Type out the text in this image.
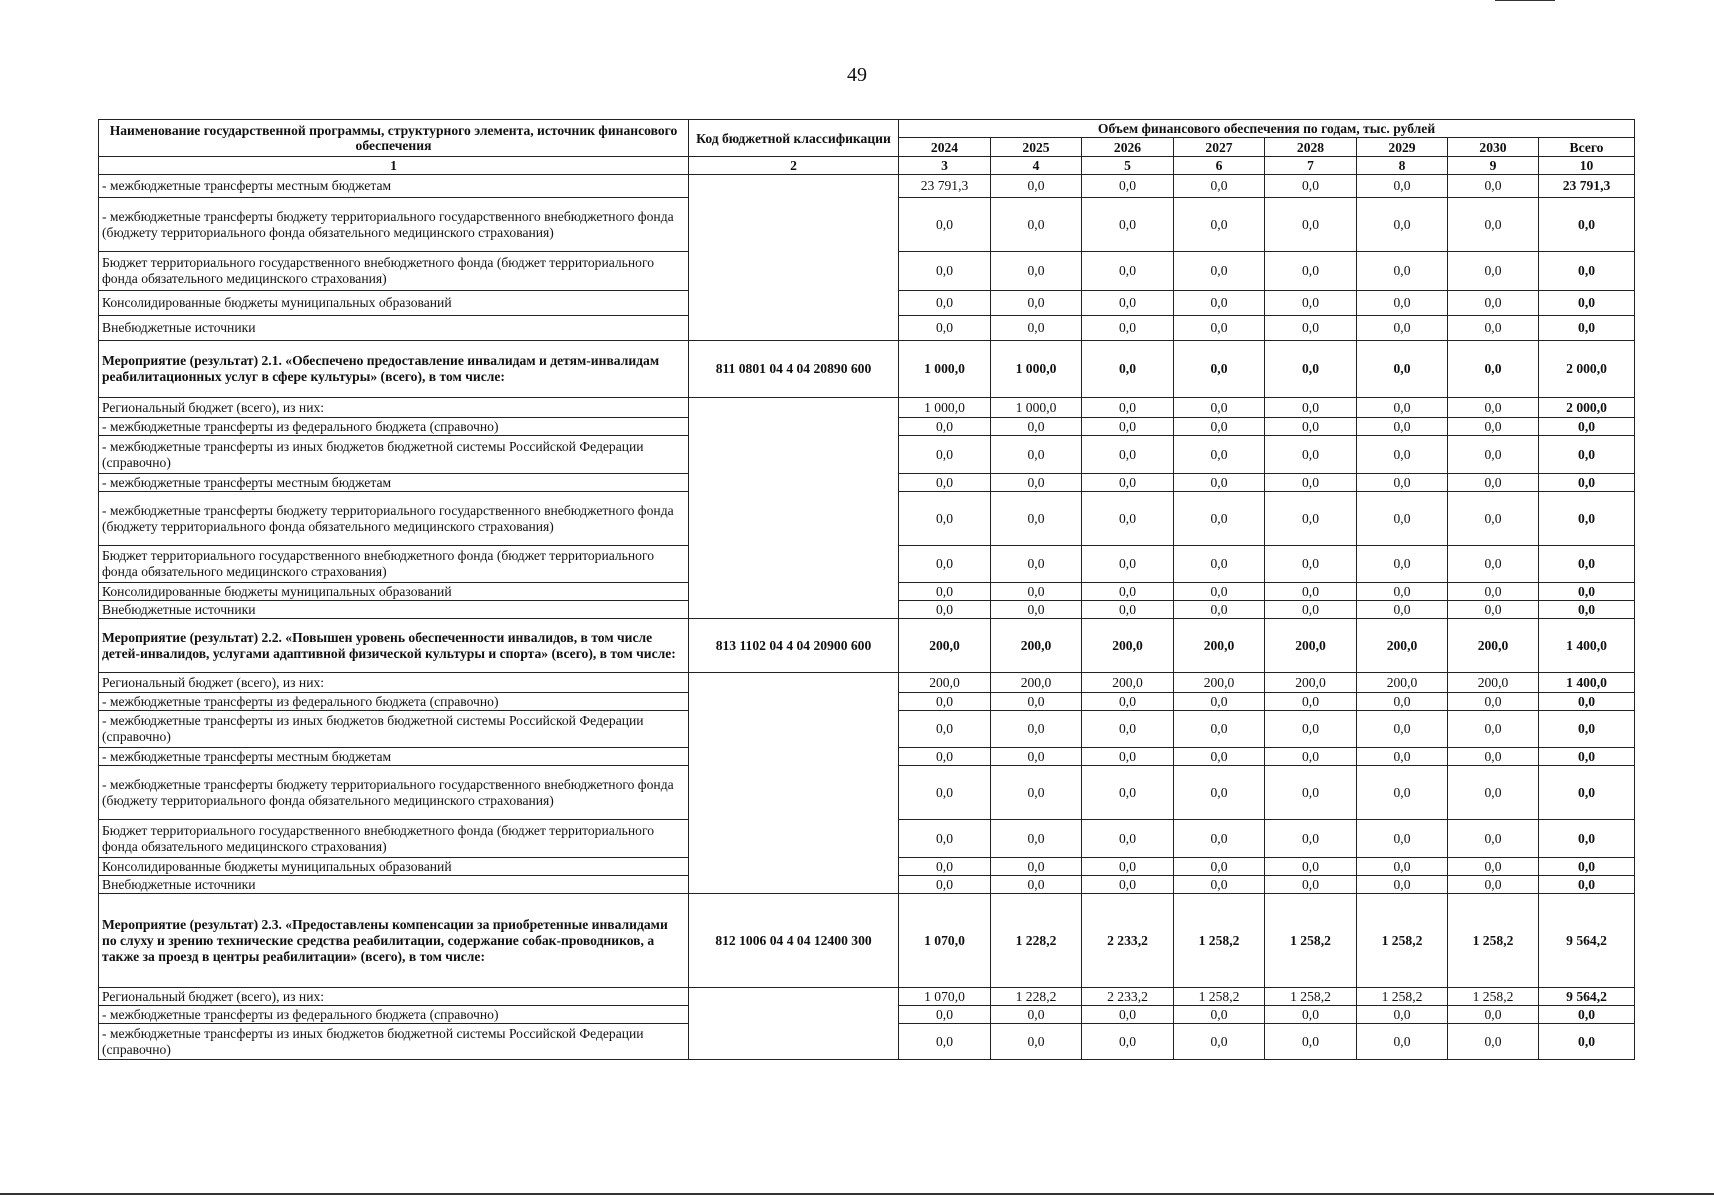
49
Наименование государственной программы, структурного элемента, источник финансового обеспечения	Код бюджетной классификации	Объем финансового обеспечения по годам, тыс. рублей							
		2024	2025	2026	2027	2028	2029	2030	Всего
1	2	3	4	5	6	7	8	9	10
- межбюджетные трансферты местным бюджетам		23 791,3	0,0	0,0	0,0	0,0	0,0	0,0	23 791,3
- межбюджетные трансферты бюджету территориального государственного внебюджетного фонда (бюджету территориального фонда обязательного медицинского страхования)		0,0	0,0	0,0	0,0	0,0	0,0	0,0	0,0
Бюджет территориального государственного внебюджетного фонда (бюджет территориального фонда обязательного медицинского страхования)		0,0	0,0	0,0	0,0	0,0	0,0	0,0	0,0
Консолидированные бюджеты муниципальных образований		0,0	0,0	0,0	0,0	0,0	0,0	0,0	0,0
Внебюджетные источники		0,0	0,0	0,0	0,0	0,0	0,0	0,0	0,0
Мероприятие (результат) 2.1. «Обеспечено предоставление инвалидам и детям-инвалидам реабилитационных услуг в сфере культуры» (всего), в том числе:	811 0801 04 4 04 20890 600	1 000,0	1 000,0	0,0	0,0	0,0	0,0	0,0	2 000,0
Региональный бюджет (всего), из них:		1 000,0	1 000,0	0,0	0,0	0,0	0,0	0,0	2 000,0
- межбюджетные трансферты из федерального бюджета (справочно)		0,0	0,0	0,0	0,0	0,0	0,0	0,0	0,0
- межбюджетные трансферты из иных бюджетов бюджетной системы Российской Федерации (справочно)		0,0	0,0	0,0	0,0	0,0	0,0	0,0	0,0
- межбюджетные трансферты местным бюджетам		0,0	0,0	0,0	0,0	0,0	0,0	0,0	0,0
- межбюджетные трансферты бюджету территориального государственного внебюджетного фонда (бюджету территориального фонда обязательного медицинского страхования)		0,0	0,0	0,0	0,0	0,0	0,0	0,0	0,0
Бюджет территориального государственного внебюджетного фонда (бюджет территориального фонда обязательного медицинского страхования)		0,0	0,0	0,0	0,0	0,0	0,0	0,0	0,0
Консолидированные бюджеты муниципальных образований		0,0	0,0	0,0	0,0	0,0	0,0	0,0	0,0
Внебюджетные источники		0,0	0,0	0,0	0,0	0,0	0,0	0,0	0,0
Мероприятие (результат) 2.2. «Повышен уровень обеспеченности инвалидов, в том числе детей-инвалидов, услугами адаптивной физической культуры и спорта» (всего), в том числе:	813 1102 04 4 04 20900 600	200,0	200,0	200,0	200,0	200,0	200,0	200,0	1 400,0
Региональный бюджет (всего), из них:		200,0	200,0	200,0	200,0	200,0	200,0	200,0	1 400,0
- межбюджетные трансферты из федерального бюджета (справочно)		0,0	0,0	0,0	0,0	0,0	0,0	0,0	0,0
- межбюджетные трансферты из иных бюджетов бюджетной системы Российской Федерации (справочно)		0,0	0,0	0,0	0,0	0,0	0,0	0,0	0,0
- межбюджетные трансферты местным бюджетам		0,0	0,0	0,0	0,0	0,0	0,0	0,0	0,0
- межбюджетные трансферты бюджету территориального государственного внебюджетного фонда (бюджету территориального фонда обязательного медицинского страхования)		0,0	0,0	0,0	0,0	0,0	0,0	0,0	0,0
Бюджет территориального государственного внебюджетного фонда (бюджет территориального фонда обязательного медицинского страхования)		0,0	0,0	0,0	0,0	0,0	0,0	0,0	0,0
Консолидированные бюджеты муниципальных образований		0,0	0,0	0,0	0,0	0,0	0,0	0,0	0,0
Внебюджетные источники		0,0	0,0	0,0	0,0	0,0	0,0	0,0	0,0
Мероприятие (результат) 2.3. «Предоставлены компенсации за приобретенные инвалидами по слуху и зрению технические средства реабилитации, содержание собак-проводников, а также за проезд в центры реабилитации» (всего), в том числе:	812 1006 04 4 04 12400 300	1 070,0	1 228,2	2 233,2	1 258,2	1 258,2	1 258,2	1 258,2	9 564,2
Региональный бюджет (всего), из них:		1 070,0	1 228,2	2 233,2	1 258,2	1 258,2	1 258,2	1 258,2	9 564,2
- межбюджетные трансферты из федерального бюджета (справочно)		0,0	0,0	0,0	0,0	0,0	0,0	0,0	0,0
- межбюджетные трансферты из иных бюджетов бюджетной системы Российской Федерации (справочно)		0,0	0,0	0,0	0,0	0,0	0,0	0,0	0,0
